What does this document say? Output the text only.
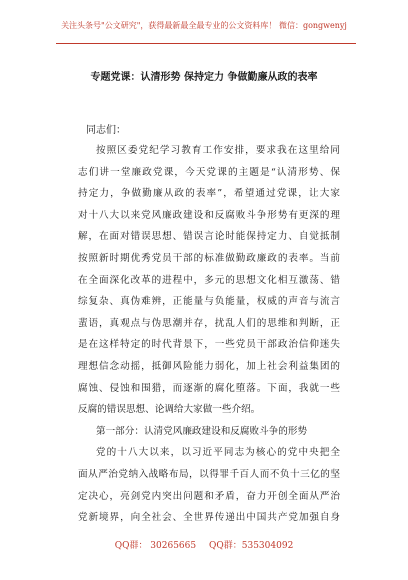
关注头条号"公文研究"，获得最新最全最专业的公文资料库！ 微信：gongwenyj
专题党课：认清形势 保持定力 争做勤廉从政的表率
同志们：
按照区委党纪学习教育工作安排，要求我在这里给同
志们讲一堂廉政党课，今天党课的主题是“认清形势、保
持定力，争做勤廉从政的表率”，希望通过党课，让大家
对十八大以来党风廉政建设和反腐败斗争形势有更深的理
解，在面对错误思想、错误言论时能保持定力、自觉抵制
按照新时期优秀党员干部的标准做勤政廉政的表率。当前
在全面深化改革的进程中，多元的思想文化相互激荡、错
综复杂、真伪难辨，正能量与负能量，权威的声音与流言
蜚语，真观点与伪思潮并存，扰乱人们的思维和判断，正
是在这样特定的时代背景下，一些党员干部政治信仰迷失
理想信念动摇，抵御风险能力弱化，加上社会利益集团的
腐蚀、侵蚀和围猎，而逐渐的腐化堕落。下面，我就一些
反腐的错误思想、论调给大家做一些介绍。
第一部分：认清党风廉政建设和反腐败斗争的形势
党的十八大以来，以习近平同志为核心的党中央把全
面从严治党纳入战略布局，以得罪千百人而不负十三亿的坚
定决心，亮剑党内突出问题和矛盾，奋力开创全面从严治
党新境界，向全社会、全世界传递出中国共产党加强自身
QQ群： 30265665 QQ群：535304092
